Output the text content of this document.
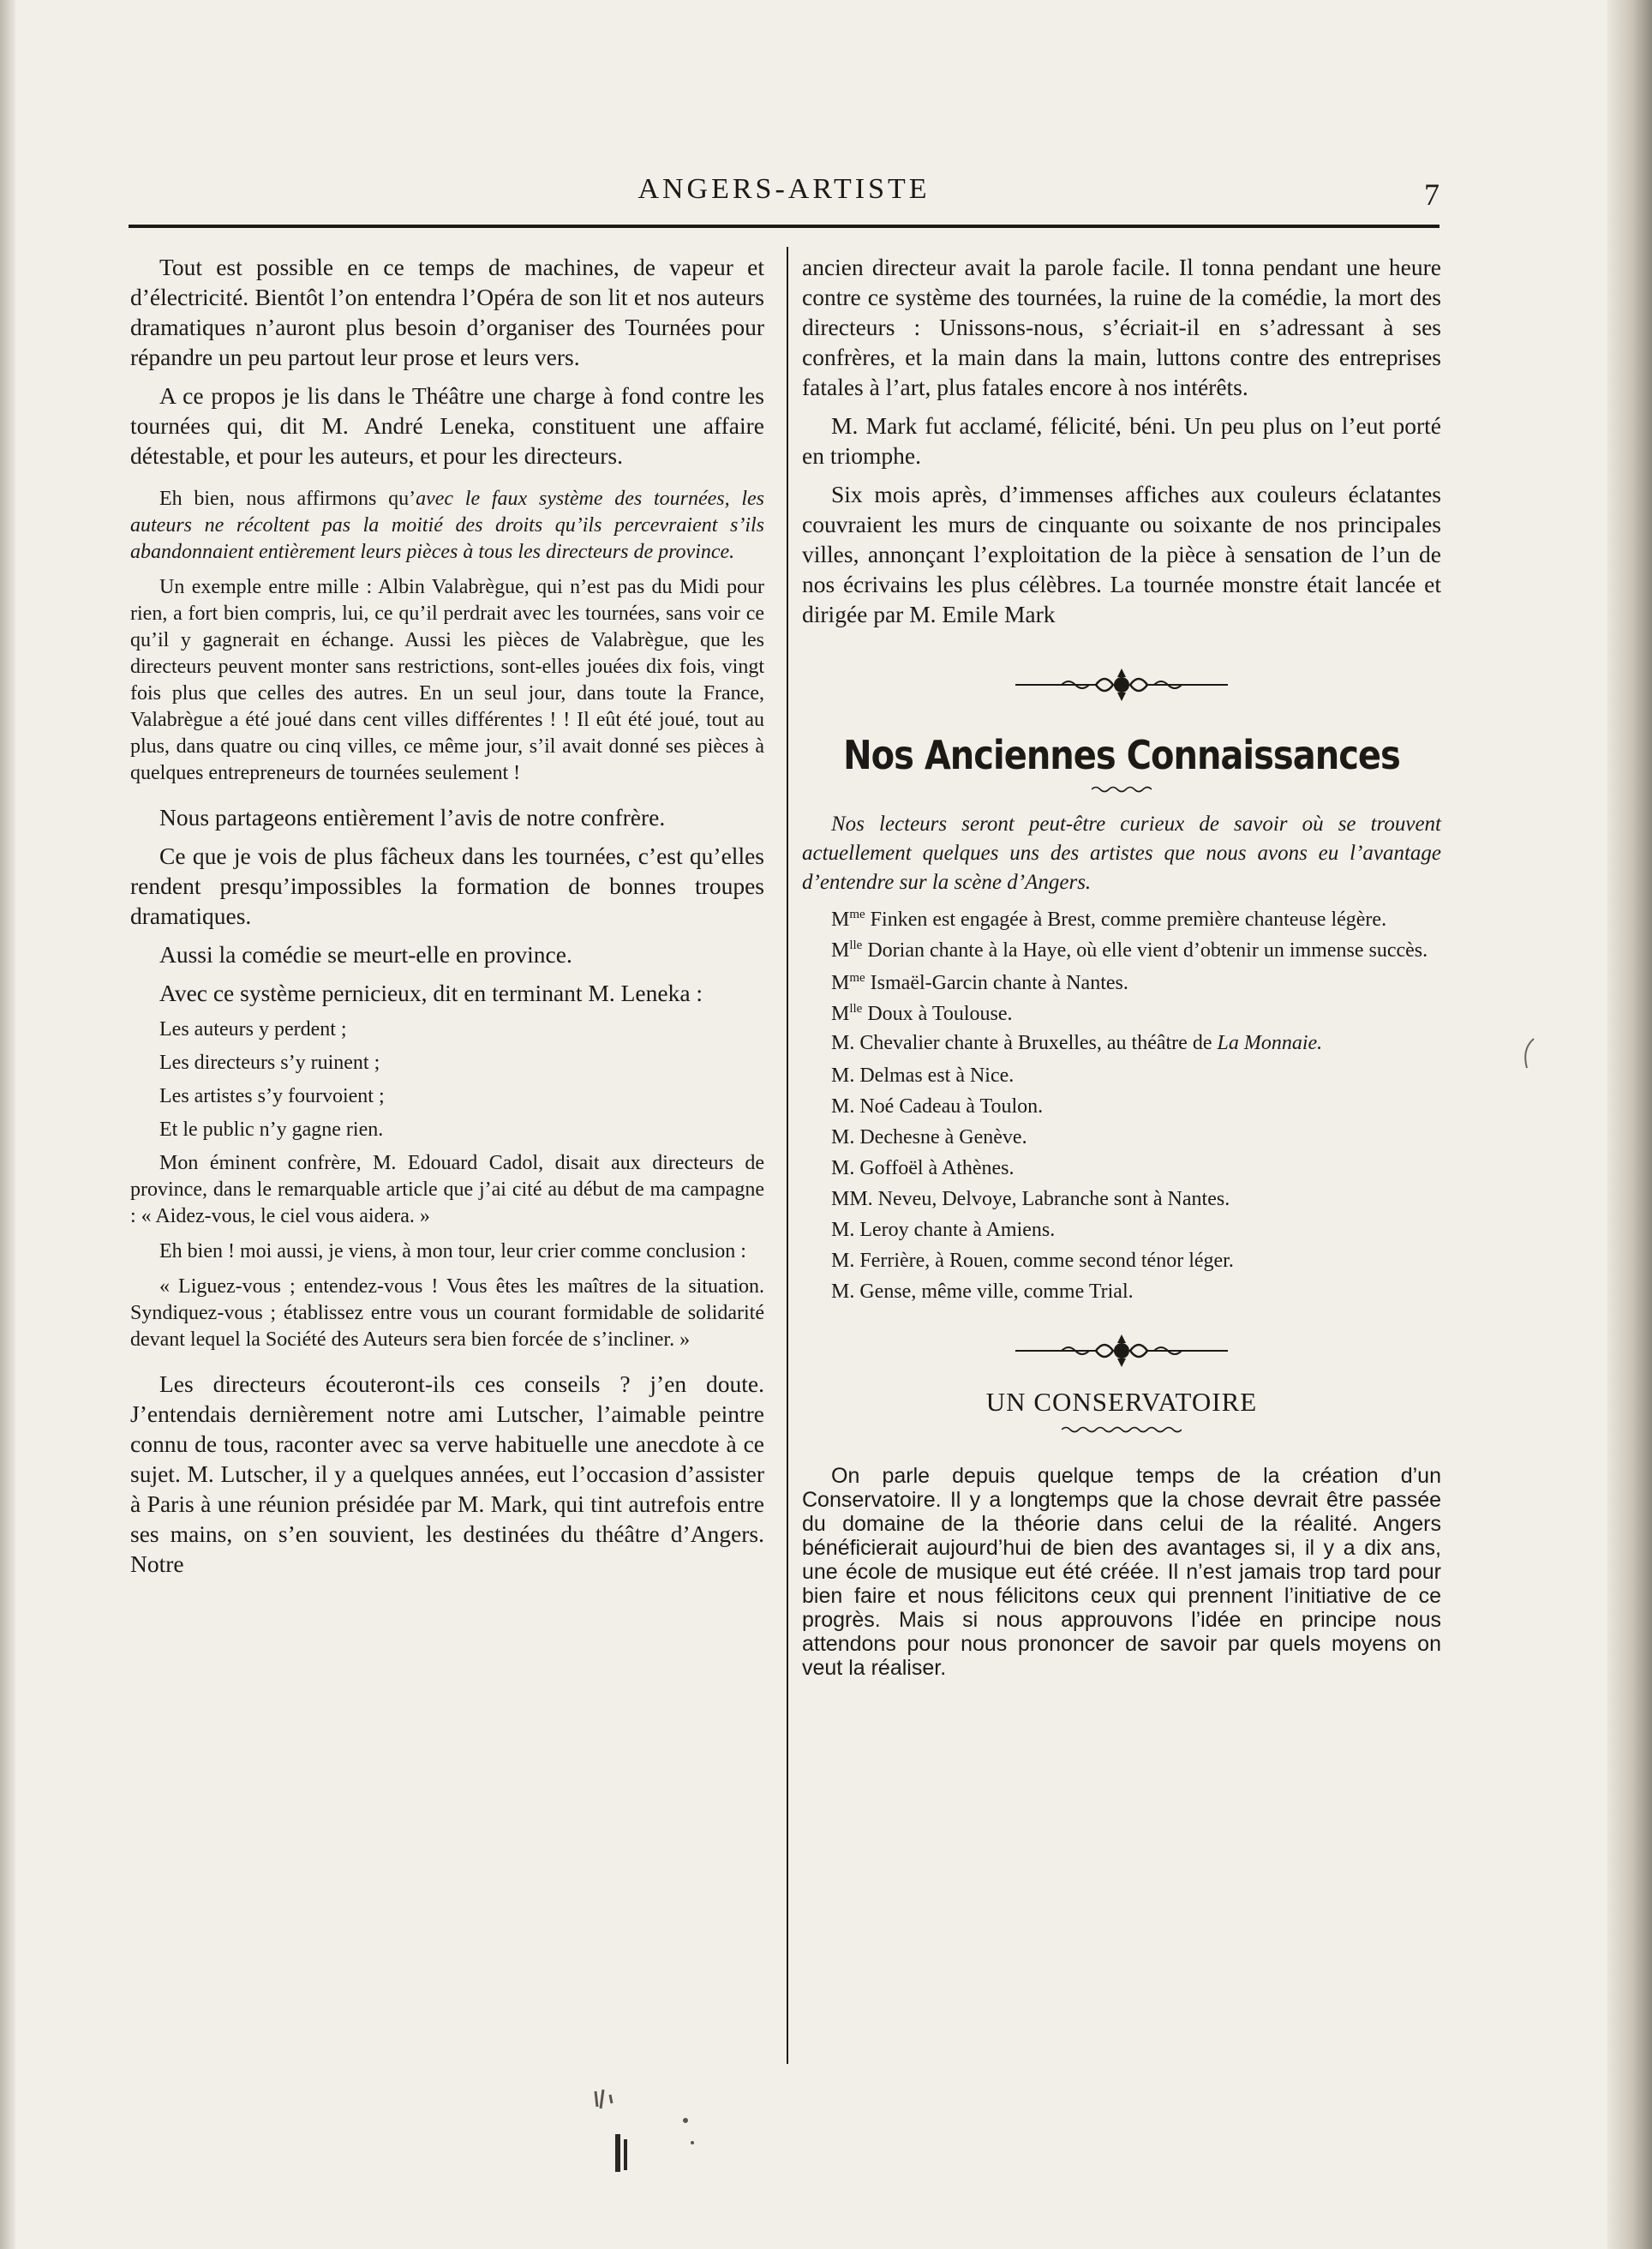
ANGERS-ARTISTE	7

Tout est possible en ce temps de machines, de vapeur et d’électricité. Bientôt l’on entendra l’Opéra de son lit et nos auteurs dramatiques n’auront plus besoin d’organiser des Tournées pour répandre un peu partout leur prose et leurs vers.

A ce propos je lis dans le Théâtre une charge à fond contre les tournées qui, dit M. André Leneka, constituent une affaire détestable, et pour les auteurs, et pour les directeurs.

Eh bien, nous affirmons qu’avec le faux système des tournées, les auteurs ne récoltent pas la moitié des droits qu’ils percevraient s’ils abandonnaient entièrement leurs pièces à tous les directeurs de province.

Un exemple entre mille : Albin Valabrègue, qui n’est pas du Midi pour rien, a fort bien compris, lui, ce qu’il perdrait avec les tournées, sans voir ce qu’il y gagnerait en échange. Aussi les pièces de Valabrègue, que les directeurs peuvent monter sans restrictions, sont-elles jouées dix fois, vingt fois plus que celles des autres. En un seul jour, dans toute la France, Valabrègue a été joué dans cent villes différentes ! ! Il eût été joué, tout au plus, dans quatre ou cinq villes, ce même jour, s’il avait donné ses pièces à quelques entrepreneurs de tournées seulement !

Nous partageons entièrement l’avis de notre confrère.

Ce que je vois de plus fâcheux dans les tournées, c’est qu’elles rendent presqu’impossibles la formation de bonnes troupes dramatiques.

Aussi la comédie se meurt-elle en province.

Avec ce système pernicieux, dit en terminant M. Leneka :

Les auteurs y perdent ;
Les directeurs s’y ruinent ;
Les artistes s’y fourvoient ;
Et le public n’y gagne rien.

Mon éminent confrère, M. Edouard Cadol, disait aux directeurs de province, dans le remarquable article que j’ai cité au début de ma campagne : « Aidez-vous, le ciel vous aidera. »

Eh bien ! moi aussi, je viens, à mon tour, leur crier comme conclusion :

« Liguez-vous ; entendez-vous ! Vous êtes les maîtres de la situation. Syndiquez-vous ; établissez entre vous un courant formidable de solidarité devant lequel la Société des Auteurs sera bien forcée de s’incliner. »

Les directeurs écouteront-ils ces conseils ? j’en doute. J’entendais dernièrement notre ami Lutscher, l’aimable peintre connu de tous, raconter avec sa verve habituelle une anecdote à ce sujet. M. Lutscher, il y a quelques années, eut l’occasion d’assister à Paris à une réunion présidée par M. Mark, qui tint autrefois entre ses mains, on s’en souvient, les destinées du théâtre d’Angers. Notre

ancien directeur avait la parole facile. Il tonna pendant une heure contre ce système des tournées, la ruine de la comédie, la mort des directeurs : Unissons-nous, s’écriait-il en s’adressant à ses confrères, et la main dans la main, luttons contre des entreprises fatales à l’art, plus fatales encore à nos intérêts.

M. Mark fut acclamé, félicité, béni. Un peu plus on l’eut porté en triomphe.

Six mois après, d’immenses affiches aux couleurs éclatantes couvraient les murs de cinquante ou soixante de nos principales villes, annonçant l’exploitation de la pièce à sensation de l’un de nos écrivains les plus célèbres. La tournée monstre était lancée et dirigée par M. Emile Mark

Nos Anciennes Connaissances

Nos lecteurs seront peut-être curieux de savoir où se trouvent actuellement quelques uns des artistes que nous avons eu l’avantage d’entendre sur la scène d’Angers.

$M^{me}$ Finken est engagée à Brest, comme première chanteuse légère.

$M^{lle}$ Dorian chante à la Haye, où elle vient d’obtenir un immense succès.

$M^{me}$ Ismaël-Garcin chante à Nantes.

$M^{lle}$ Doux à Toulouse.

M. Chevalier chante à Bruxelles, au théâtre de La Monnaie.

M. Delmas est à Nice.

M. Noé Cadeau à Toulon.

M. Dechesne à Genève.

M. Goffoël à Athènes.

MM. Neveu, Delvoye, Labranche sont à Nantes.

M. Leroy chante à Amiens.

M. Ferrière, à Rouen, comme second ténor léger.

M. Gense, même ville, comme Trial.

UN CONSERVATOIRE

On parle depuis quelque temps de la création d’un Conservatoire. Il y a longtemps que la chose devrait être passée du domaine de la théorie dans celui de la réalité. Angers bénéficierait aujourd’hui de bien des avantages si, il y a dix ans, une école de musique eut été créée. Il n’est jamais trop tard pour bien faire et nous félicitons ceux qui prennent l’initiative de ce progrès. Mais si nous approuvons l’idée en principe nous attendons pour nous prononcer de savoir par quels moyens on veut la réaliser.
